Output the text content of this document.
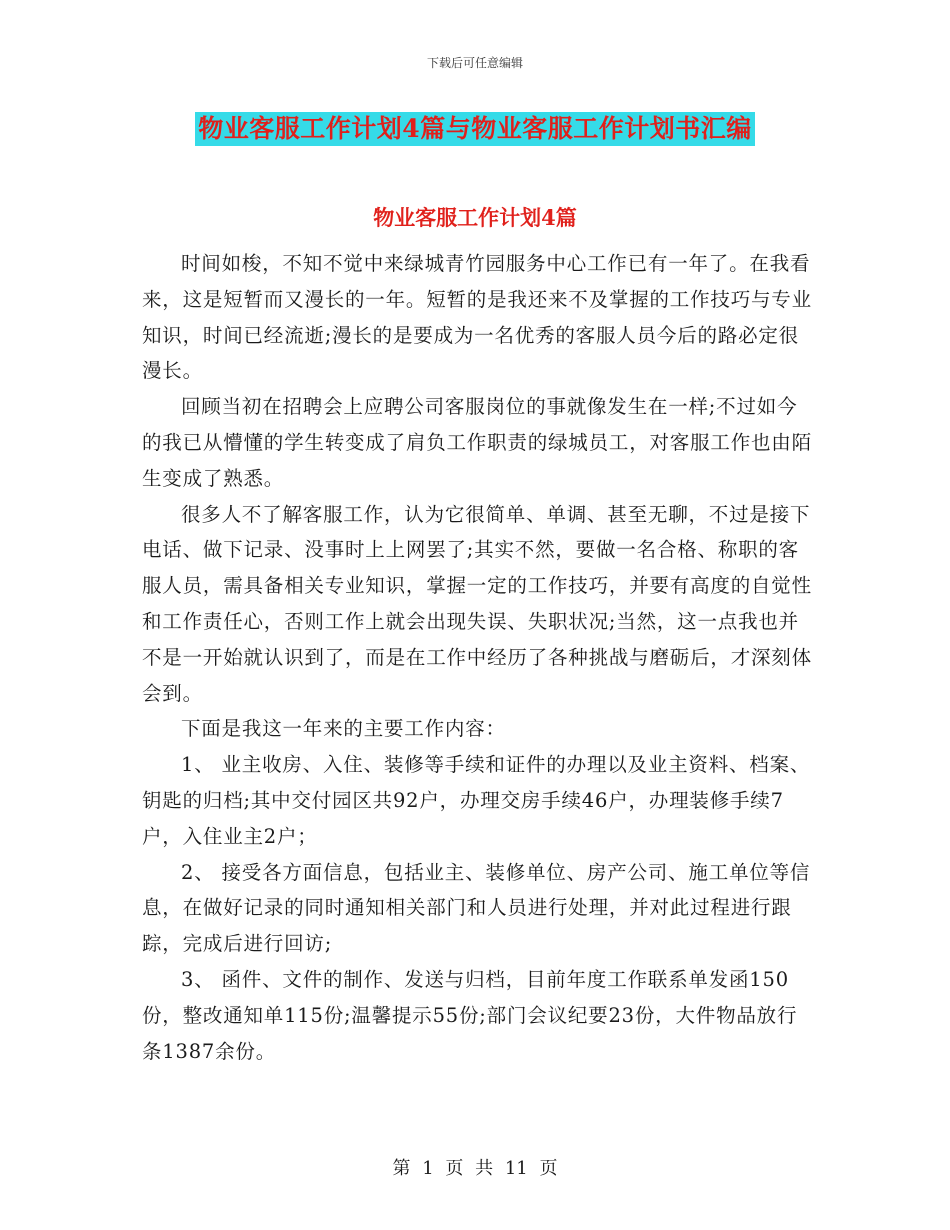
下载后可任意编辑
物业客服工作计划4篇与物业客服工作计划书汇编
物业客服工作计划4篇

时间如梭，不知不觉中来绿城青竹园服务中心工作已有一年了。在我看来，这是短暂而又漫长的一年。短暂的是我还来不及掌握的工作技巧与专业知识，时间已经流逝;漫长的是要成为一名优秀的客服人员今后的路必定很漫长。

回顾当初在招聘会上应聘公司客服岗位的事就像发生在一样;不过如今的我已从懵懂的学生转变成了肩负工作职责的绿城员工，对客服工作也由陌生变成了熟悉。

很多人不了解客服工作，认为它很简单、单调、甚至无聊，不过是接下电话、做下记录、没事时上上网罢了;其实不然，要做一名合格、称职的客服人员，需具备相关专业知识，掌握一定的工作技巧，并要有高度的自觉性和工作责任心，否则工作上就会出现失误、失职状况;当然，这一点我也并不是一开始就认识到了，而是在工作中经历了各种挑战与磨砺后，才深刻体会到。

下面是我这一年来的主要工作内容：

1、 业主收房、入住、装修等手续和证件的办理以及业主资料、档案、钥匙的归档;其中交付园区共92户，办理交房手续46户，办理装修手续7户，入住业主2户；

2、 接受各方面信息，包括业主、装修单位、房产公司、施工单位等信息，在做好记录的同时通知相关部门和人员进行处理，并对此过程进行跟踪，完成后进行回访;

3、 函件、文件的制作、发送与归档，目前年度工作联系单发函150份，整改通知单115份;温馨提示55份;部门会议纪要23份，大件物品放行条1387余份。

第 1 页 共 11 页
